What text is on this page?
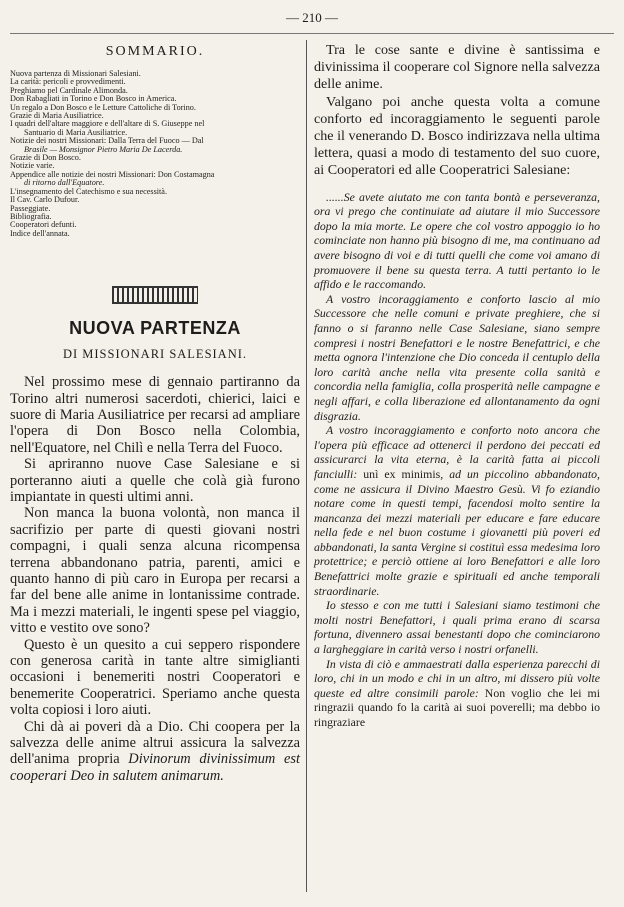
— 210 —
SOMMARIO.
Nuova partenza di Missionari Salesiani.
La carità: pericoli e provvedimenti.
Preghiamo pel Cardinale Alimonda.
Don Rabagliati in Torino e Don Bosco in America.
Un regalo a Don Bosco e le Letture Cattoliche di Torino.
Grazie di Maria Ausiliatrice.
I quadri dell'altare maggiore e dell'altare di S. Giuseppe nel
Santuario di Maria Ausiliatrice.
Notizie dei nostri Missionari: Dalla Terra del Fuoco — Dal
Brasile — Monsignor Pietro Maria De Lacerda.
Grazie di Don Bosco.
Notizie varie.
Appendice alle notizie dei nostri Missionari: Don Costamagna
di ritorno dall'Equatore.
L'insegnamento del Catechismo e sua necessità.
Il Cav. Carlo Dufour.
Passeggiate.
Bibliografia.
Cooperatori defunti.
Indice dell'annata.
NUOVA PARTENZA
DI MISSIONARI SALESIANI.

Nel prossimo mese di gennaio partiranno da Torino altri numerosi sacerdoti, chierici, laici e suore di Maria Ausiliatrice per recarsi ad ampliare l'opera di Don Bosco nella Colombia, nell'Equatore, nel Chilì e nella Terra del Fuoco.

Si apriranno nuove Case Salesiane e si porteranno aiuti a quelle che colà già furono impiantate in questi ultimi anni.

Non manca la buona volontà, non manca il sacrifizio per parte di questi giovani nostri compagni, i quali senza alcuna ricompensa terrena abbandonano patria, parenti, amici e quanto hanno di più caro in Europa per recarsi a far del bene alle anime in lontanissime contrade. Ma i mezzi materiali, le ingenti spese pel viaggio, vitto e vestito ove sono?

Questo è un quesito a cui seppero rispondere con generosa carità in tante altre simiglianti occasioni i benemeriti nostri Cooperatori e benemerite Cooperatrici. Speriamo anche questa volta copiosi i loro aiuti.

Chi dà ai poveri dà a Dio. Chi coopera per la salvezza delle anime altrui assicura la salvezza dell'anima propria Divinorum divinissimum est cooperari Deo in salutem animarum.

Tra le cose sante e divine è santissima e divinissima il cooperare col Signore nella salvezza delle anime.

Valgano poi anche questa volta a comune conforto ed incoraggiamento le seguenti parole che il venerando D. Bosco indirizzava nella ultima lettera, quasi a modo di testamento del suo cuore, ai Cooperatori ed alle Cooperatrici Salesiane:

......Se avete aiutato me con tanta bontà e perseveranza, ora vi prego che continuiate ad aiutare il mio Successore dopo la mia morte. Le opere che col vostro appoggio io ho cominciate non hanno più bisogno di me, ma continuano ad avere bisogno di voi e di tutti quelli che come voi amano di promuovere il bene su questa terra. A tutti pertanto io le affido e le raccomando.

A vostro incoraggiamento e conforto lascio al mio Successore che nelle comuni e private preghiere, che si fanno o si faranno nelle Case Salesiane, siano sempre compresi i nostri Benefattori e le nostre Benefattrici, e che metta ognora l'intenzione che Dio conceda il centuplo della loro carità anche nella vita presente colla sanità e concordia nella famiglia, colla prosperità nelle campagne e negli affari, e colla liberazione ed allontanamento da ogni disgrazia.

A vostro incoraggiamento e conforto noto ancora che l'opera più efficace ad ottenerci il perdono dei peccati ed assicurarci la vita eterna, è la carità fatta ai piccoli fanciulli: unì ex minimis, ad un piccolino abbandonato, come ne assicura il Divino Maestro Gesù. Vi fo eziandio notare come in questi tempi, facendosi molto sentire la mancanza dei mezzi materiali per educare e fare educare nella fede e nel buon costume i giovanetti più poveri ed abbandonati, la santa Vergine si costituì essa medesima loro protettrice; e perciò ottiene ai loro Benefattori e alle loro Benefattrici molte grazie e spirituali ed anche temporali straordinarie.

Io stesso e con me tutti i Salesiani siamo testimoni che molti nostri Benefattori, i quali prima erano di scarsa fortuna, divennero assai benestanti dopo che cominciarono a largheggiare in carità verso i nostri orfanelli.

In vista di ciò e ammaestrati dalla esperienza parecchi di loro, chi in un modo e chi in un altro, mi dissero più volte queste ed altre consimili parole: Non voglio che lei mi ringrazii quando fo la carità ai suoi poverelli; ma debbo io ringraziare
